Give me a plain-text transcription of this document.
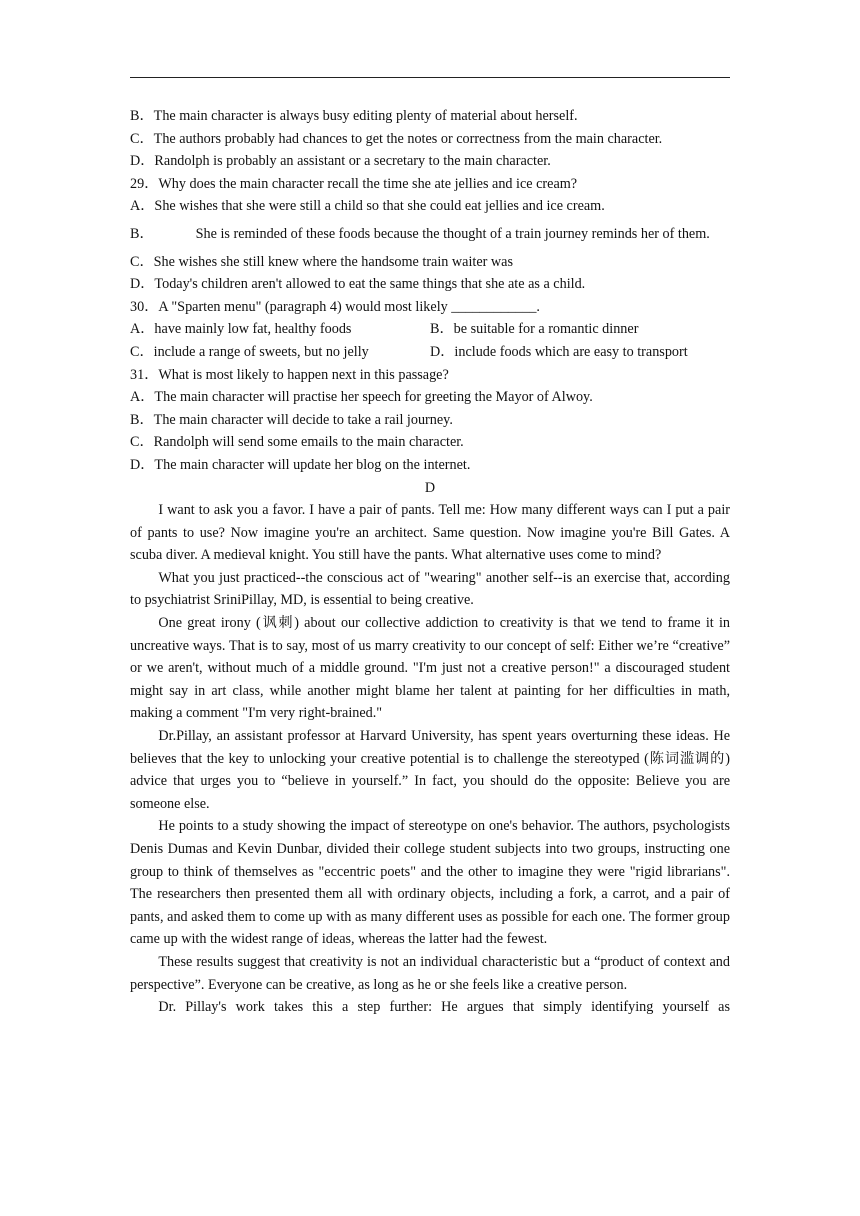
B．The main character is always busy editing plenty of material about herself.
C．The authors probably had chances to get the notes or correctness from the main character.
D．Randolph is probably an assistant or a secretary to the main character.
29．Why does the main character recall the time she ate jellies and ice cream?
A．She wishes that she were still a child so that she could eat jellies and ice cream.
B．	She is reminded of these foods because the thought of a train journey reminds her of them.
C．She wishes she still knew where the handsome train waiter was
D．Today's children aren't allowed to eat the same things that she ate as a child.
30．A "Sparten menu" (paragraph 4) would most likely ____________.
A．have mainly low fat, healthy foods	B．be suitable for a romantic dinner
C．include a range of sweets, but no jelly	D．include foods which are easy to transport
31．What is most likely to happen next in this passage?
A．The main character will practise her speech for greeting the Mayor of Alwoy.
B．The main character will decide to take a rail journey.
C．Randolph will send some emails to the main character.
D．The main character will update her blog on the internet.
D

I want to ask you a favor. I have a pair of pants. Tell me: How many different ways can I put a pair of pants to use? Now imagine you're an architect. Same question. Now imagine you're Bill Gates. A scuba diver. A medieval knight. You still have the pants. What alternative uses come to mind?

What you just practiced--the conscious act of "wearing" another self--is an exercise that, according to psychiatrist SriniPillay, MD, is essential to being creative.

One great irony (讽刺) about our collective addiction to creativity is that we tend to frame it in uncreative ways. That is to say, most of us marry creativity to our concept of self: Either we’re “creative” or we aren't, without much of a middle ground. "I'm just not a creative person!" a discouraged student might say in art class, while another might blame her talent at painting for her difficulties in math, making a comment "I'm very right-brained."

Dr.Pillay, an assistant professor at Harvard University, has spent years overturning these ideas. He believes that the key to unlocking your creative potential is to challenge the stereotyped (陈词滥调的) advice that urges you to “believe in yourself.” In fact, you should do the opposite: Believe you are someone else.

He points to a study showing the impact of stereotype on one's behavior. The authors, psychologists Denis Dumas and Kevin Dunbar, divided their college student subjects into two groups, instructing one group to think of themselves as "eccentric poets" and the other to imagine they were "rigid librarians". The researchers then presented them all with ordinary objects, including a fork, a carrot, and a pair of pants, and asked them to come up with as many different uses as possible for each one. The former group came up with the widest range of ideas, whereas the latter had the fewest.

These results suggest that creativity is not an individual characteristic but a “product of context and perspective”. Everyone can be creative, as long as he or she feels like a creative person.

Dr. Pillay's work takes this a step further: He argues that simply identifying yourself as
